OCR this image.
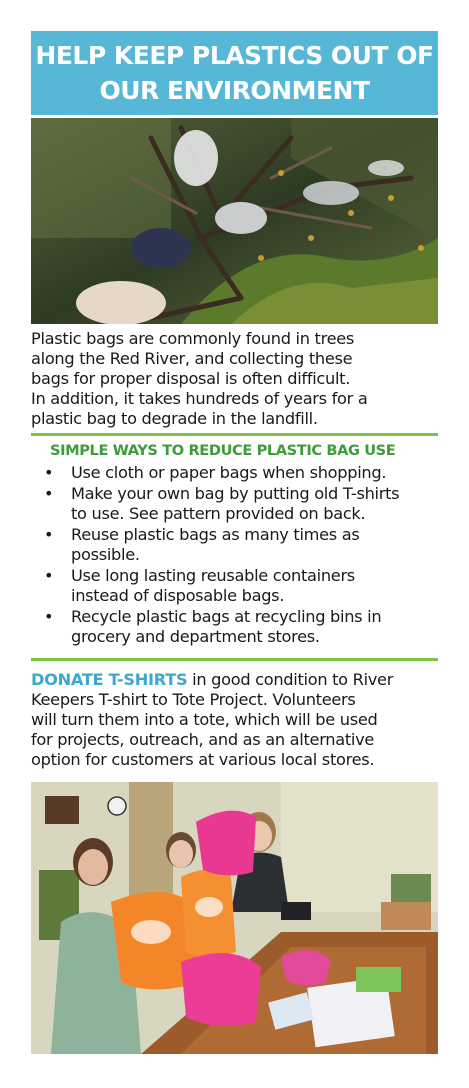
HELP KEEP PLASTICS OUT OF
OUR ENVIRONMENT
Plastic bags are commonly found in trees
along the Red River, and collecting these
bags for proper disposal is often difficult.
In addition, it takes hundreds of years for a
plastic bag to degrade in the landfill.
SIMPLE WAYS TO REDUCE PLASTIC BAG USE
• Use cloth or paper bags when shopping.
• Make your own bag by putting old T-shirts
to use. See pattern provided on back.
• Reuse plastic bags as many times as
possible.
• Use long lasting reusable containers
instead of disposable bags.
• Recycle plastic bags at recycling bins in
grocery and department stores.
DONATE T-SHIRTS in good condition to River
Keepers T-shirt to Tote Project. Volunteers
will turn them into a tote, which will be used
for projects, outreach, and as an alternative
option for customers at various local stores.
